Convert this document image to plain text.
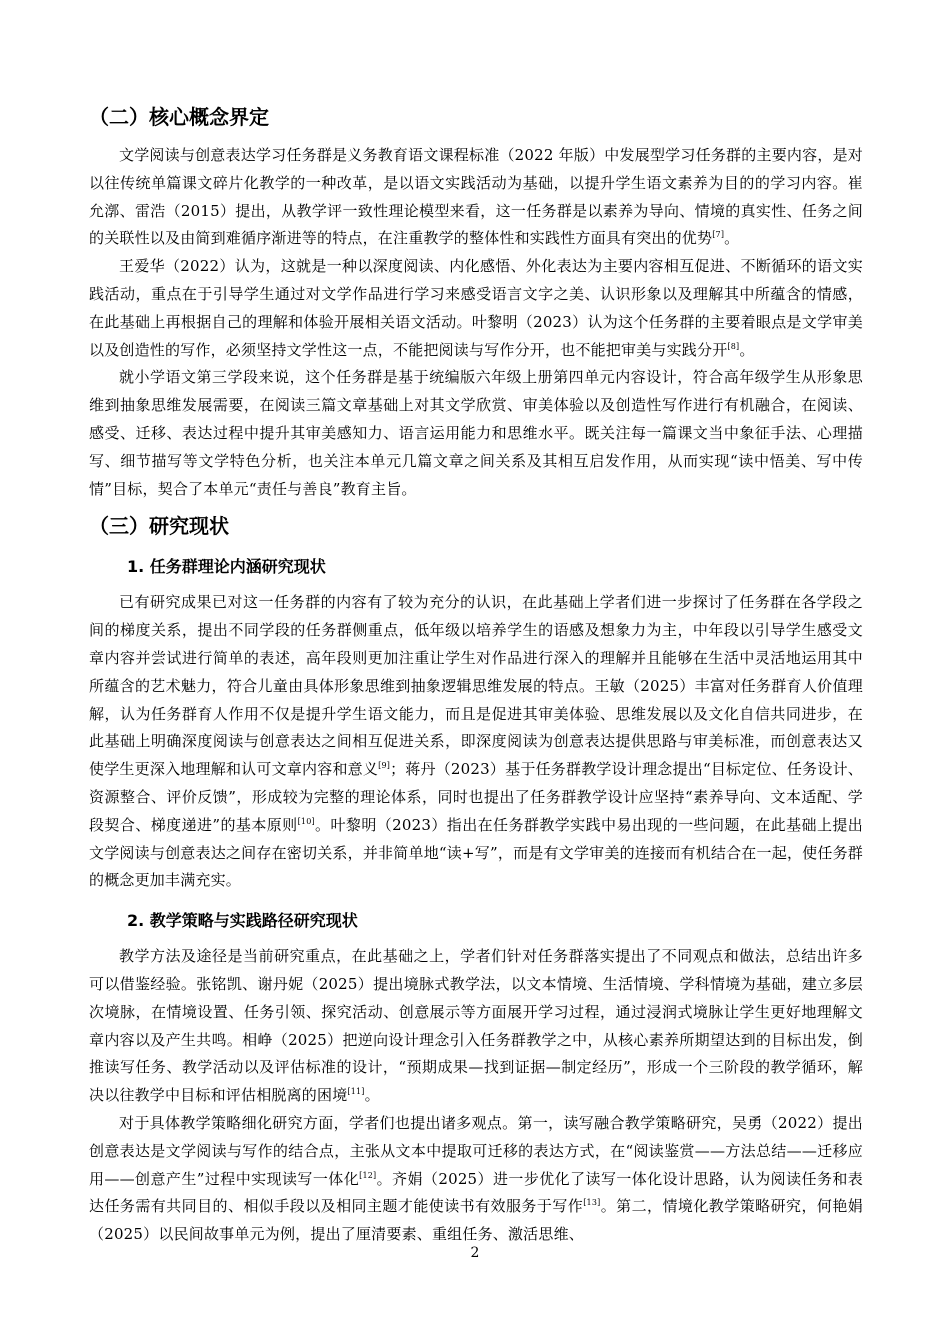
（二）核心概念界定

文学阅读与创意表达学习任务群是义务教育语文课程标准（2022 年版）中发展型学习任务群的主要内容，是对以往传统单篇课文碎片化教学的一种改革，是以语文实践活动为基础，以提升学生语文素养为目的的学习内容。崔允漷、雷浩（2015）提出，从教学评一致性理论模型来看，这一任务群是以素养为导向、情境的真实性、任务之间的关联性以及由简到难循序渐进等的特点，在注重教学的整体性和实践性方面具有突出的优势[7]。

王爱华（2022）认为，这就是一种以深度阅读、内化感悟、外化表达为主要内容相互促进、不断循环的语文实践活动，重点在于引导学生通过对文学作品进行学习来感受语言文字之美、认识形象以及理解其中所蕴含的情感，在此基础上再根据自己的理解和体验开展相关语文活动。叶黎明（2023）认为这个任务群的主要着眼点是文学审美以及创造性的写作，必须坚持文学性这一点，不能把阅读与写作分开，也不能把审美与实践分开[8]。

就小学语文第三学段来说，这个任务群是基于统编版六年级上册第四单元内容设计，符合高年级学生从形象思维到抽象思维发展需要，在阅读三篇文章基础上对其文学欣赏、审美体验以及创造性写作进行有机融合，在阅读、感受、迁移、表达过程中提升其审美感知力、语言运用能力和思维水平。既关注每一篇课文当中象征手法、心理描写、细节描写等文学特色分析，也关注本单元几篇文章之间关系及其相互启发作用，从而实现“读中悟美、写中传情”目标，契合了本单元“责任与善良”教育主旨。

（三）研究现状
1. 任务群理论内涵研究现状

已有研究成果已对这一任务群的内容有了较为充分的认识，在此基础上学者们进一步探讨了任务群在各学段之间的梯度关系，提出不同学段的任务群侧重点，低年级以培养学生的语感及想象力为主，中年段以引导学生感受文章内容并尝试进行简单的表述，高年段则更加注重让学生对作品进行深入的理解并且能够在生活中灵活地运用其中所蕴含的艺术魅力，符合儿童由具体形象思维到抽象逻辑思维发展的特点。王敏（2025）丰富对任务群育人价值理解，认为任务群育人作用不仅是提升学生语文能力，而且是促进其审美体验、思维发展以及文化自信共同进步，在此基础上明确深度阅读与创意表达之间相互促进关系，即深度阅读为创意表达提供思路与审美标准，而创意表达又使学生更深入地理解和认可文章内容和意义[9]；蒋丹（2023）基于任务群教学设计理念提出“目标定位、任务设计、资源整合、评价反馈”，形成较为完整的理论体系，同时也提出了任务群教学设计应坚持“素养导向、文本适配、学段契合、梯度递进”的基本原则[10]。叶黎明（2023）指出在任务群教学实践中易出现的一些问题，在此基础上提出文学阅读与创意表达之间存在密切关系，并非简单地“读+写”，而是有文学审美的连接而有机结合在一起，使任务群的概念更加丰满充实。

2. 教学策略与实践路径研究现状

教学方法及途径是当前研究重点，在此基础之上，学者们针对任务群落实提出了不同观点和做法，总结出许多可以借鉴经验。张铭凯、谢丹妮（2025）提出境脉式教学法，以文本情境、生活情境、学科情境为基础，建立多层次境脉，在情境设置、任务引领、探究活动、创意展示等方面展开学习过程，通过浸润式境脉让学生更好地理解文章内容以及产生共鸣。相峥（2025）把逆向设计理念引入任务群教学之中，从核心素养所期望达到的目标出发，倒推读写任务、教学活动以及评估标准的设计，“预期成果—找到证据—制定经历”，形成一个三阶段的教学循环，解决以往教学中目标和评估相脱离的困境[11]。

对于具体教学策略细化研究方面，学者们也提出诸多观点。第一，读写融合教学策略研究，吴勇（2022）提出创意表达是文学阅读与写作的结合点，主张从文本中提取可迁移的表达方式，在“阅读鉴赏——方法总结——迁移应用——创意产生”过程中实现读写一体化[12]。齐娟（2025）进一步优化了读写一体化设计思路，认为阅读任务和表达任务需有共同目的、相似手段以及相同主题才能使读书有效服务于写作[13]。第二，情境化教学策略研究，何艳娟（2025）以民间故事单元为例，提出了厘清要素、重组任务、激活思维、

2
